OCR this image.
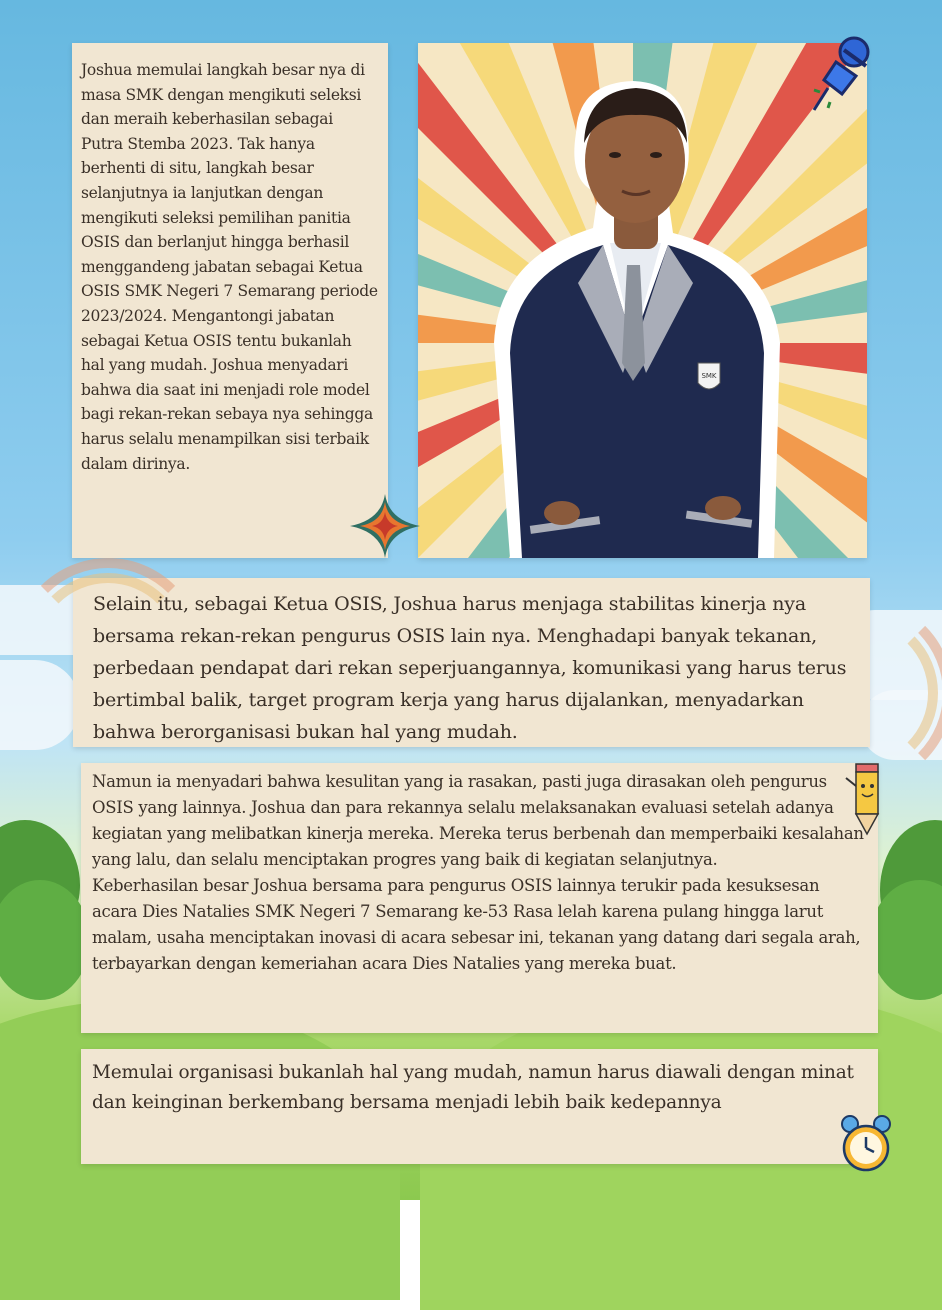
Joshua memulai langkah besar nya di masa SMK dengan mengikuti seleksi dan meraih keberhasilan sebagai Putra Stemba 2023. Tak hanya berhenti di situ, langkah besar selanjutnya ia lanjutkan dengan mengikuti seleksi pemilihan panitia OSIS dan berlanjut hingga berhasil menggandeng jabatan sebagai Ketua OSIS SMK Negeri 7 Semarang periode 2023/2024. Mengantongi jabatan sebagai Ketua OSIS tentu bukanlah hal yang mudah. Joshua menyadari bahwa dia saat ini menjadi role model bagi rekan-rekan sebaya nya sehingga harus selalu menampilkan sisi terbaik dalam dirinya.

SMK

Selain itu, sebagai Ketua OSIS, Joshua harus menjaga stabilitas kinerja nya bersama rekan-rekan pengurus OSIS lain nya. Menghadapi banyak tekanan, perbedaan pendapat dari rekan seperjuangannya, komunikasi yang harus terus bertimbal balik, target program kerja yang harus dijalankan, menyadarkan bahwa berorganisasi bukan hal yang mudah.

Namun ia menyadari bahwa kesulitan yang ia rasakan, pasti juga dirasakan oleh pengurus OSIS yang lainnya. Joshua dan para rekannya selalu melaksanakan evaluasi setelah adanya kegiatan yang melibatkan kinerja mereka. Mereka terus berbenah dan memperbaiki kesalahan yang lalu, dan selalu menciptakan progres yang baik di kegiatan selanjutnya.

Keberhasilan besar Joshua bersama para pengurus OSIS lainnya terukir pada kesuksesan acara Dies Natalies SMK Negeri 7 Semarang ke-53 Rasa lelah karena pulang hingga larut malam, usaha menciptakan inovasi di acara sebesar ini, tekanan yang datang dari segala arah, terbayarkan dengan kemeriahan acara Dies Natalies yang mereka buat.

Memulai organisasi bukanlah hal yang mudah, namun harus diawali dengan minat dan keinginan berkembang bersama menjadi lebih baik kedepannya
